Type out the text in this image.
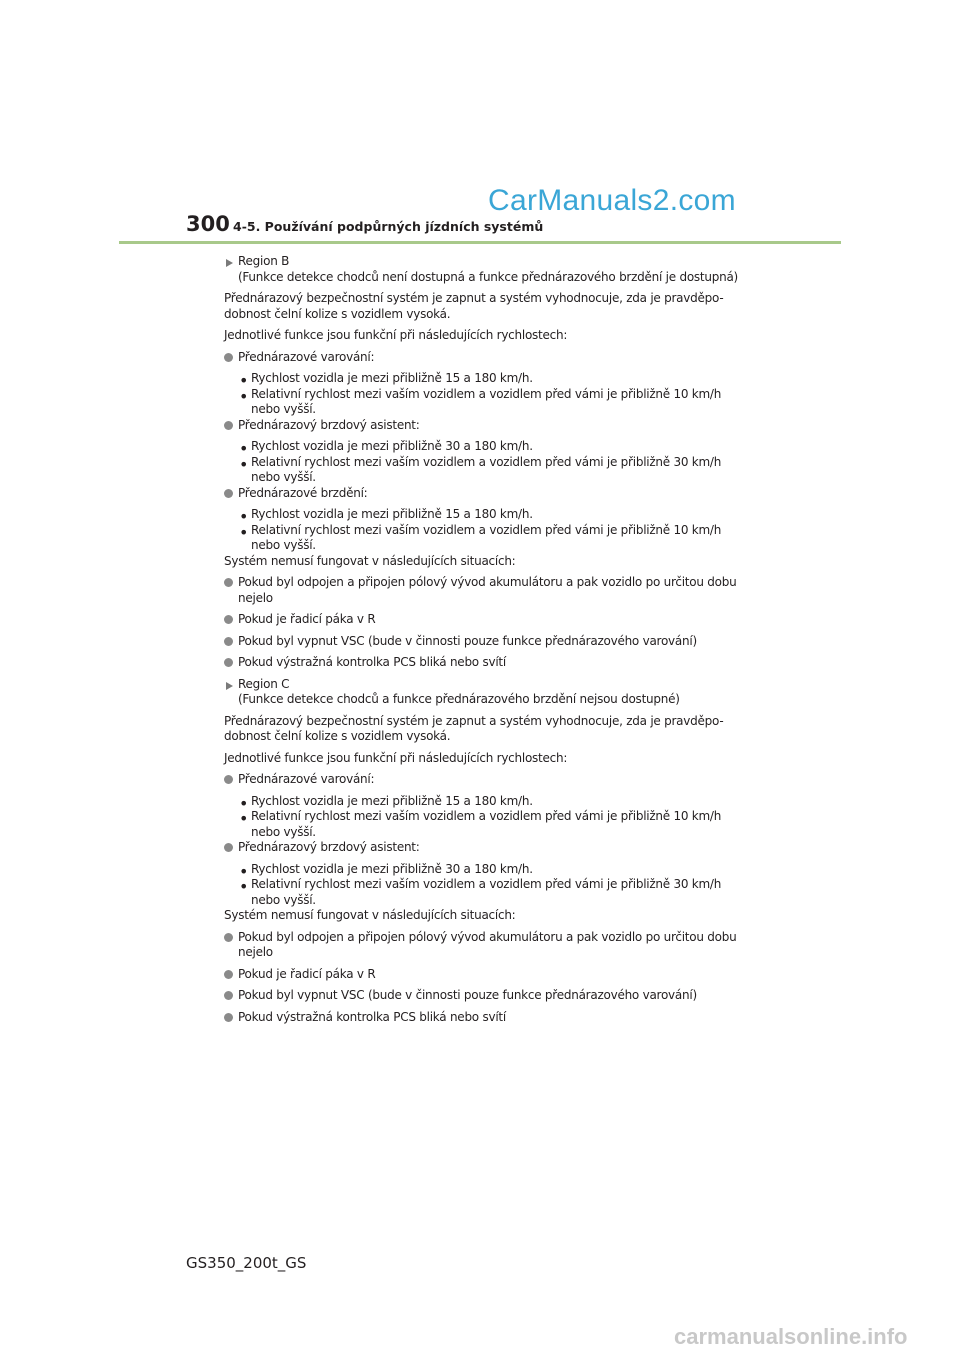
CarManuals2.com
300 4-5. Používání podpůrných jízdních systémů

Region B

(Funkce detekce chodců není dostupná a funkce přednárazového brzdění je dostupná)

Přednárazový bezpečnostní systém je zapnut a systém vyhodnocuje, zda je pravděpo-

dobnost čelní kolize s vozidlem vysoká.

Jednotlivé funkce jsou funkční při následujících rychlostech:

Přednárazové varování:

• Rychlost vozidla je mezi přibližně 15 a 180 km/h.

• Relativní rychlost mezi vaším vozidlem a vozidlem před vámi je přibližně 10 km/h

nebo vyšší.

Přednárazový brzdový asistent:

• Rychlost vozidla je mezi přibližně 30 a 180 km/h.

• Relativní rychlost mezi vaším vozidlem a vozidlem před vámi je přibližně 30 km/h

nebo vyšší.

Přednárazové brzdění:

• Rychlost vozidla je mezi přibližně 15 a 180 km/h.

• Relativní rychlost mezi vaším vozidlem a vozidlem před vámi je přibližně 10 km/h

nebo vyšší.

Systém nemusí fungovat v následujících situacích:

Pokud byl odpojen a připojen pólový vývod akumulátoru a pak vozidlo po určitou dobu

nejelo

Pokud je řadicí páka v R

Pokud byl vypnut VSC (bude v činnosti pouze funkce přednárazového varování)

Pokud výstražná kontrolka PCS bliká nebo svítí

Region C

(Funkce detekce chodců a funkce přednárazového brzdění nejsou dostupné)

Přednárazový bezpečnostní systém je zapnut a systém vyhodnocuje, zda je pravděpo-

dobnost čelní kolize s vozidlem vysoká.

Jednotlivé funkce jsou funkční při následujících rychlostech:

Přednárazové varování:

• Rychlost vozidla je mezi přibližně 15 a 180 km/h.

• Relativní rychlost mezi vaším vozidlem a vozidlem před vámi je přibližně 10 km/h

nebo vyšší.

Přednárazový brzdový asistent:

• Rychlost vozidla je mezi přibližně 30 a 180 km/h.

• Relativní rychlost mezi vaším vozidlem a vozidlem před vámi je přibližně 30 km/h

nebo vyšší.

Systém nemusí fungovat v následujících situacích:

Pokud byl odpojen a připojen pólový vývod akumulátoru a pak vozidlo po určitou dobu

nejelo

Pokud je řadicí páka v R

Pokud byl vypnut VSC (bude v činnosti pouze funkce přednárazového varování)

Pokud výstražná kontrolka PCS bliká nebo svítí

GS350_200t_GS
carmanualsonline.info
